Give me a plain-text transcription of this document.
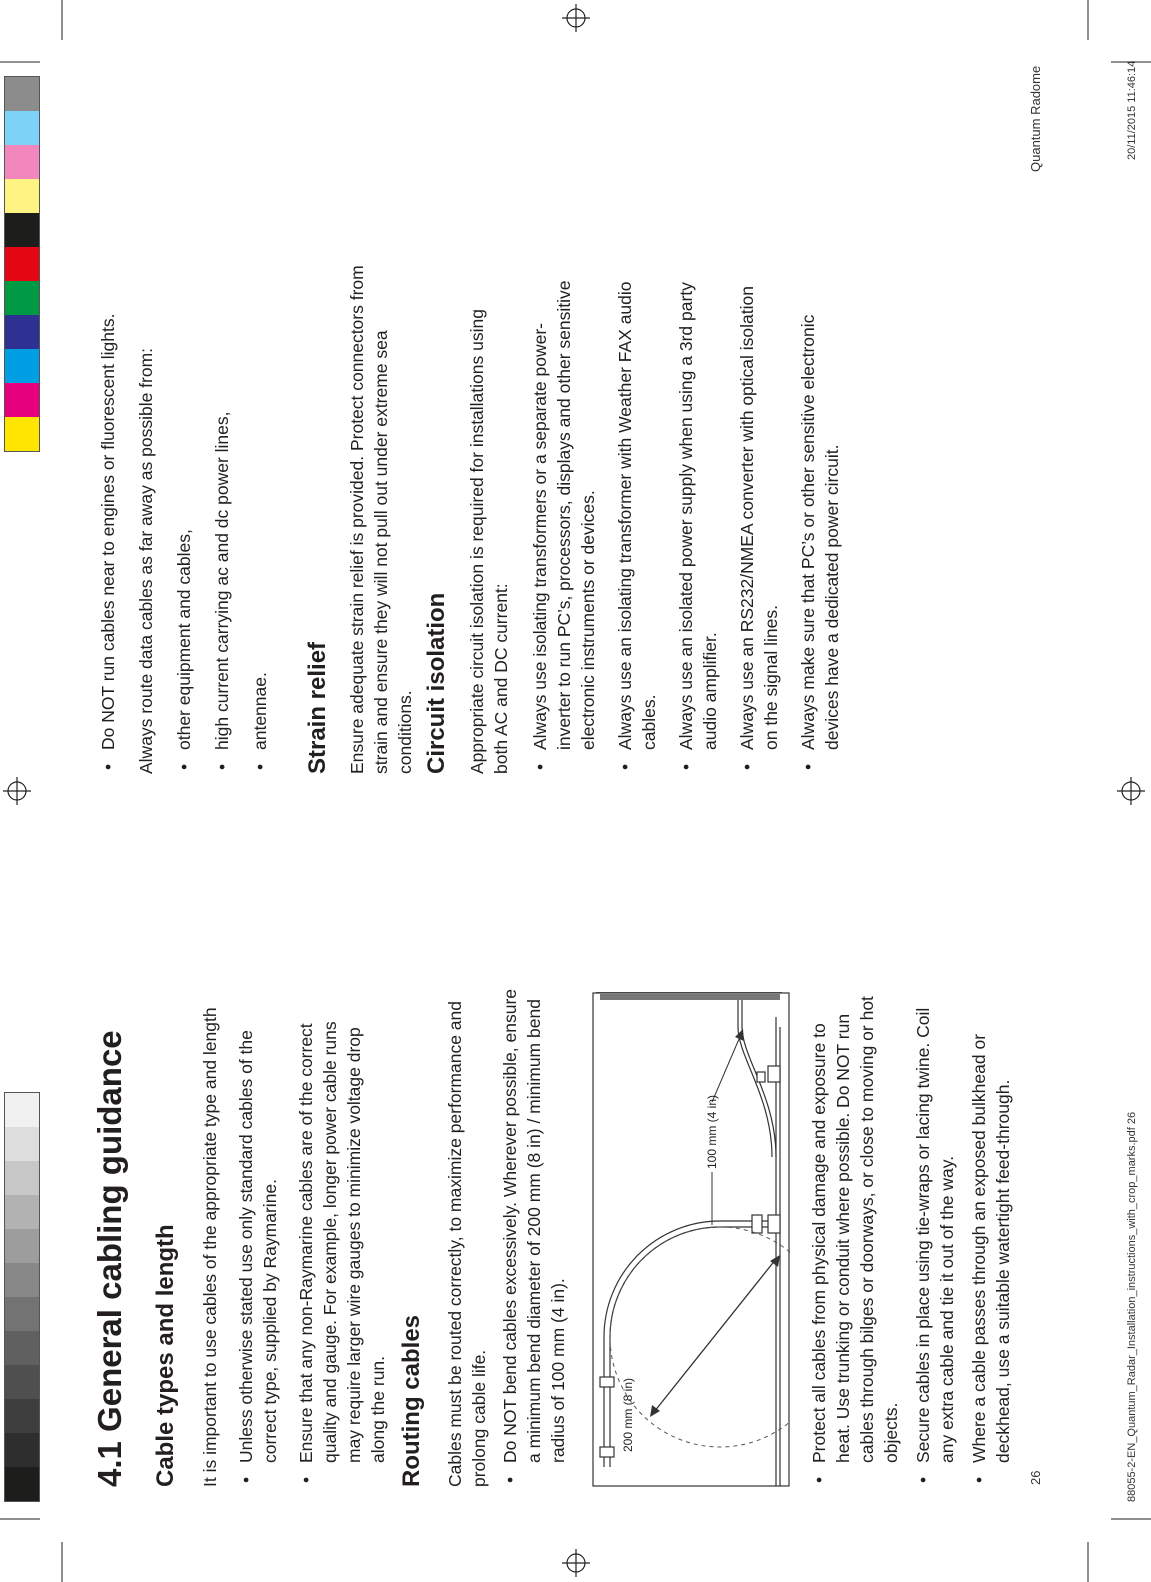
4.1 General cabling guidance Cable types and length It is important to use cables of the appropriate type and length • Unless otherwise stated use only standard cables of the correct type, supplied by Raymarine. • Ensure that any non-Raymarine cables are of the correct quality and gauge. For example, longer power cable runs may require larger wire gauges to minimize voltage drop along the run. Routing cables Cables must be routed correctly, to maximize performance and prolong cable life. • Do NOT bend cables excessively. Wherever possible, ensure a minimum bend diameter of 200 mm (8 in) / minimum bend radius of 100 mm (4 in).	200 mm (8 in)
100 mm (4 in)	• Protect all cables from physical damage and exposure to heat. Use trunking or conduit where possible. Do NOT run cables through bilges or doorways, or close to moving or hot objects. • Secure cables in place using tie-wraps or lacing twine. Coil any extra cable and tie it out of the way. • Where a cable passes through an exposed bulkhead or deckhead, use a suitable watertight feed-through.
• Do NOT run cables near to engines or fluorescent lights. Always route data cables as far away as possible from: • other equipment and cables, • high current carrying ac and dc power lines, • antennae. Strain relief Ensure adequate strain relief is provided. Protect connectors from strain and ensure they will not pull out under extreme sea conditions. Circuit isolation Appropriate circuit isolation is required for installations using both AC and DC current: • Always use isolating transformers or a separate power-inverter to run PC’s, processors, displays and other sensitive electronic instruments or devices. • Always use an isolating transformer with Weather FAX audio cables. • Always use an isolated power supply when using a 3rd party audio amplifier. • Always use an RS232/NMEA converter with optical isolation on the signal lines. • Always make sure that PC’s or other sensitive electronic devices have a dedicated power circuit.
26
Quantum Radome
88055-2-EN_Quantum_Radar_Installation_instructions_with_crop_marks.pdf 26
20/11/2015 11:46:14
